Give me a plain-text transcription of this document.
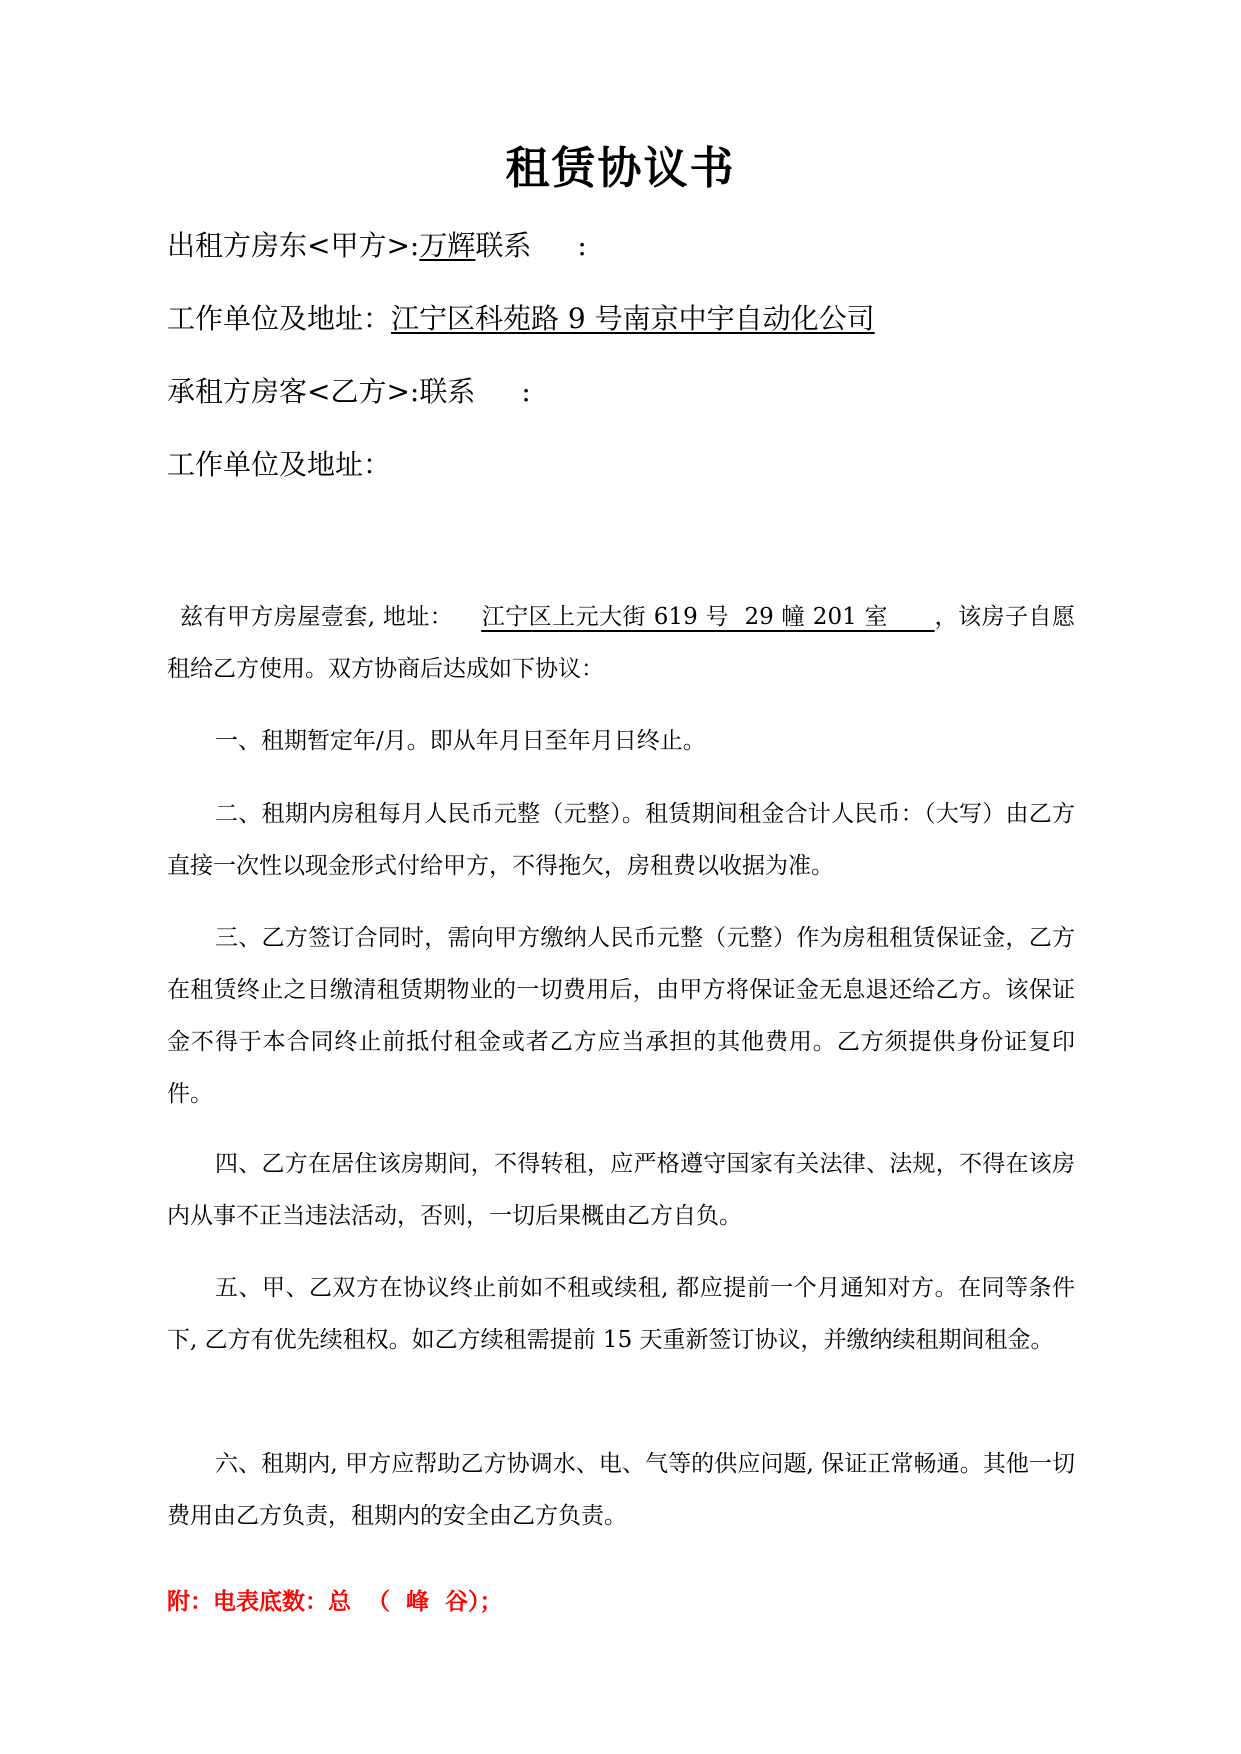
租赁协议书
出租方房东<甲方>:万辉联系 :
工作单位及地址：江宁区科苑路 9 号南京中宇自动化公司
承租方房客<乙方>:联系 :
工作单位及地址：

兹有甲方房屋壹套, 地址： 江宁区上元大街 619 号  29 幢 201 室      ，该房子自愿租给乙方使用。双方协商后达成如下协议：

一、租期暂定年/月。即从年月日至年月日终止。

二、租期内房租每月人民币元整（元整）。租赁期间租金合计人民币：（大写）由乙方直接一次性以现金形式付给甲方，不得拖欠，房租费以收据为准。

三、乙方签订合同时，需向甲方缴纳人民币元整（元整）作为房租租赁保证金，乙方在租赁终止之日缴清租赁期物业的一切费用后，由甲方将保证金无息退还给乙方。该保证金不得于本合同终止前抵付租金或者乙方应当承担的其他费用。乙方须提供身份证复印件。

四、乙方在居住该房期间，不得转租，应严格遵守国家有关法律、法规，不得在该房内从事不正当违法活动，否则，一切后果概由乙方自负。

五、甲、乙双方在协议终止前如不租或续租, 都应提前一个月通知对方。在同等条件下, 乙方有优先续租权。如乙方续租需提前 15 天重新签订协议，并缴纳续租期间租金。

六、租期内, 甲方应帮助乙方协调水、电、气等的供应问题, 保证正常畅通。其他一切费用由乙方负责，租期内的安全由乙方负责。

附：电表底数：总  （  峰  谷）；
